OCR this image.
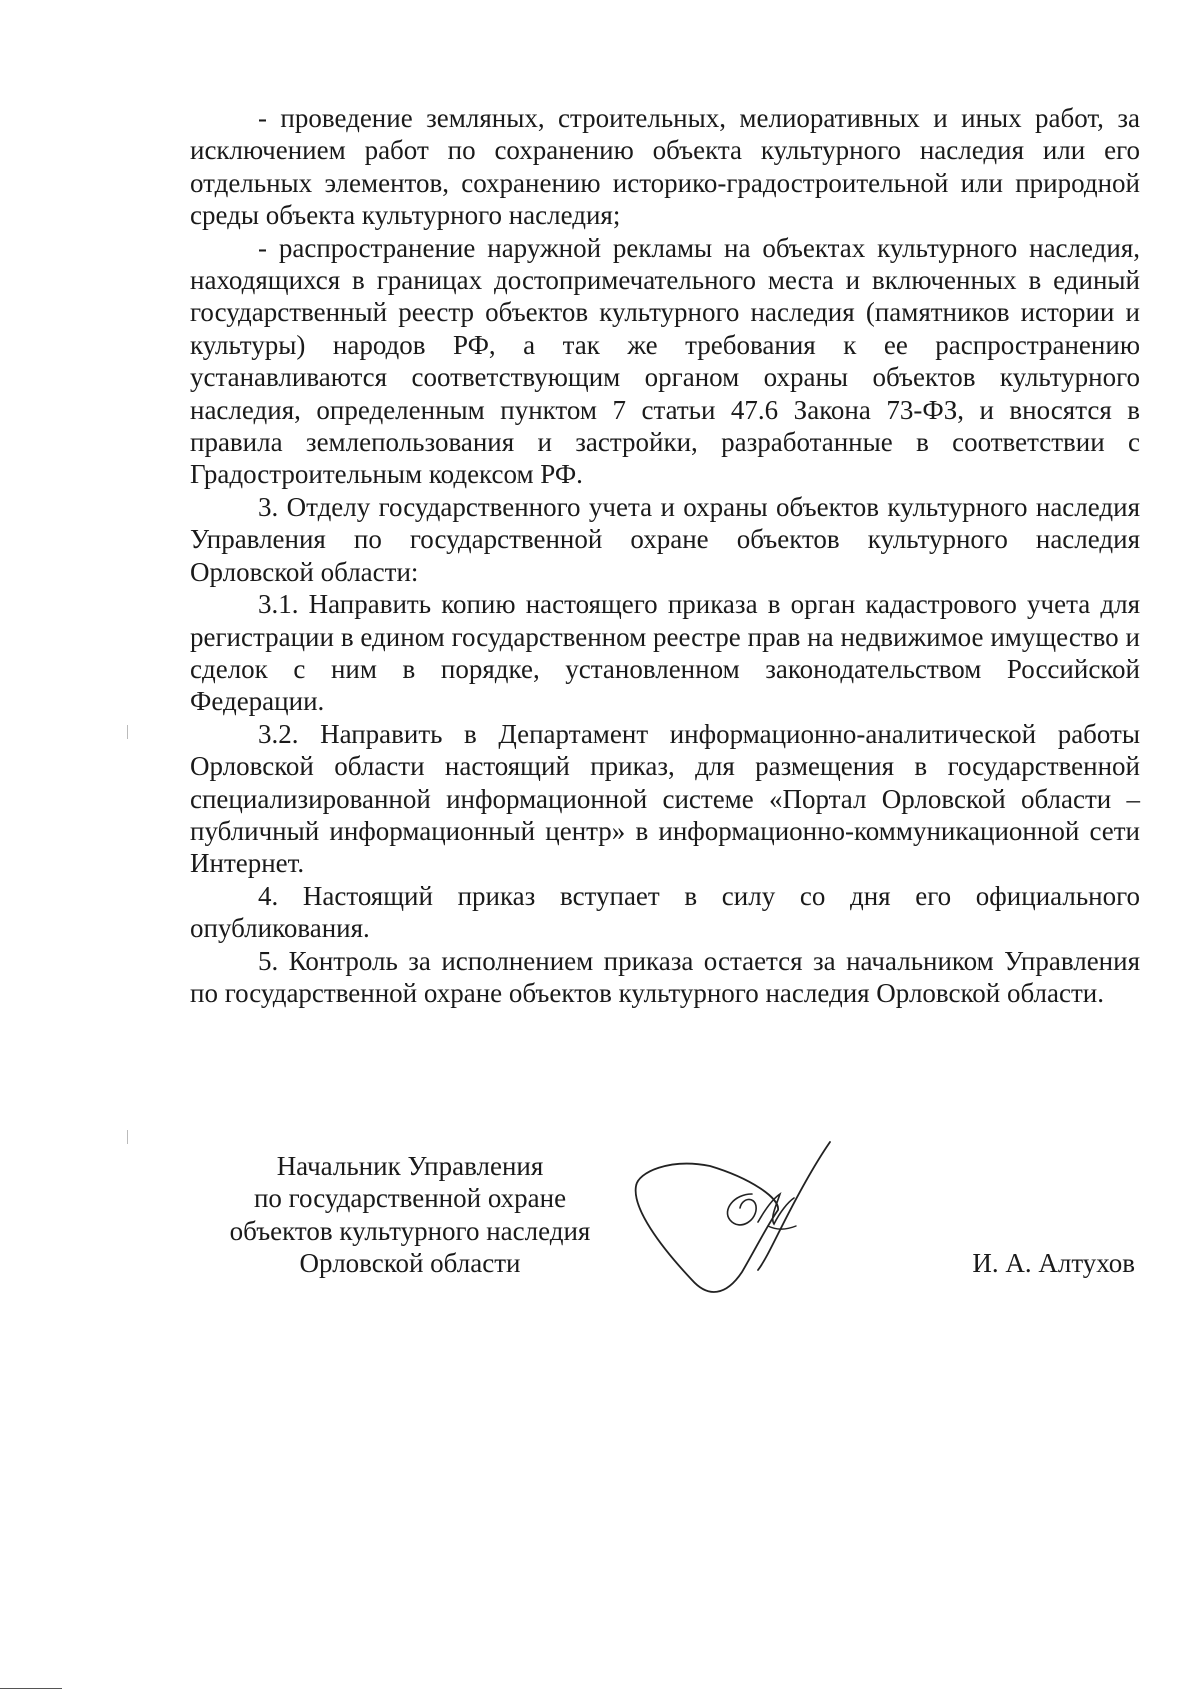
- проведение земляных, строительных, мелиоративных и иных работ, за исключением работ по сохранению объекта культурного наследия или его отдельных элементов, сохранению историко-градостроительной или природной среды объекта культурного наследия;

- распространение наружной рекламы на объектах культурного наследия, находящихся в границах достопримечательного места и включенных в единый государственный реестр объектов культурного наследия (памятников истории и культуры) народов РФ, а так же требования к ее распространению устанавливаются соответствующим органом охраны объектов культурного наследия, определенным пунктом 7 статьи 47.6 Закона 73-ФЗ, и вносятся в правила землепользования и застройки, разработанные в соответствии с Градостроительным кодексом РФ.

3. Отделу государственного учета и охраны объектов культурного наследия Управления по государственной охране объектов культурного наследия Орловской области:

3.1. Направить копию настоящего приказа в орган кадастрового учета для регистрации в едином государственном реестре прав на недвижимое имущество и сделок с ним в порядке, установленном законодательством Российской Федерации.

3.2. Направить в Департамент информационно-аналитической работы Орловской области настоящий приказ, для размещения в государственной специализированной информационной системе «Портал Орловской области – публичный информационный центр» в информационно-коммуникационной сети Интернет.

4. Настоящий приказ вступает в силу со дня его официального опубликования.

5. Контроль за исполнением приказа остается за начальником Управления по государственной охране объектов культурного наследия Орловской области.

Начальник Управления
по государственной охране
объектов культурного наследия
Орловской области	И. А. Алтухов
